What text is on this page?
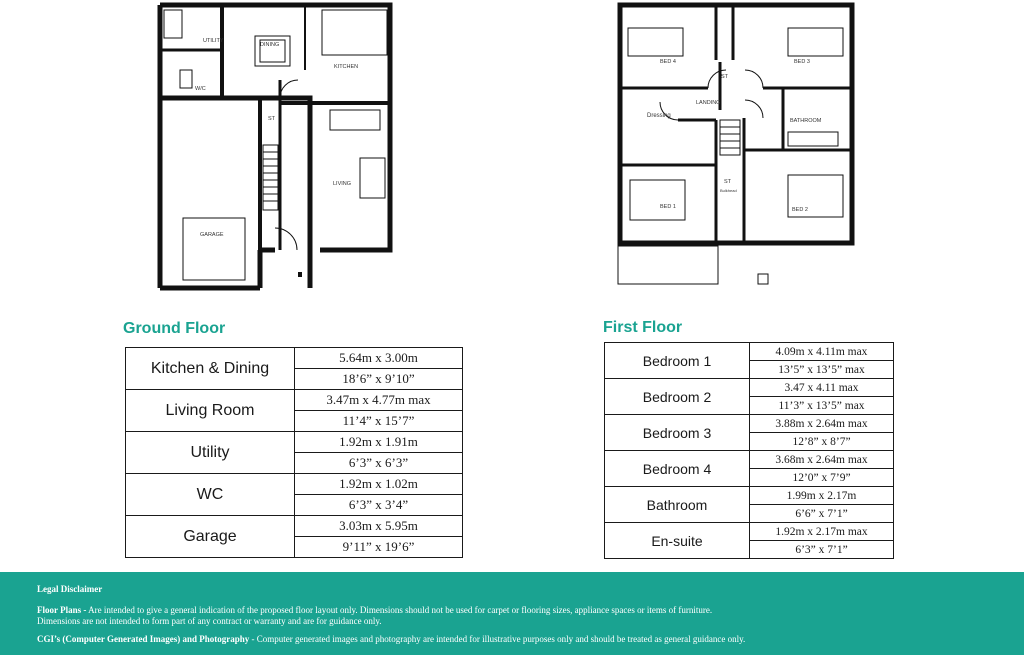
UTILITY
DINING
KITCHEN
W/C
ST
LIVING
GARAGE
BED 4	BED 3
ST
LANDING
Dressing
BATHROOM
ST
Bulkhead
BED 1	BED 2
Ground Floor
Kitchen & Dining	5.64m x 3.00m
	18’6” x 9’10”
Living Room	3.47m x 4.77m max
	11’4” x 15’7”
Utility	1.92m x 1.91m
	6’3” x 6’3”
WC	1.92m x 1.02m
	6’3” x 3’4”
Garage	3.03m x 5.95m
	9’11” x 19’6”
First Floor
Bedroom 1	4.09m x 4.11m max
	13’5” x 13’5” max
Bedroom 2	3.47 x 4.11 max
	11’3” x 13’5” max
Bedroom 3	3.88m x 2.64m max
	12’8” x 8’7”
Bedroom 4	3.68m x 2.64m max
	12’0” x 7’9”
Bathroom	1.99m x 2.17m
	6’6” x 7’1”
En-suite	1.92m x 2.17m max
	6’3” x 7’1”
Legal Disclaimer
Floor Plans - Are intended to give a general indication of the proposed floor layout only. Dimensions should not be used for carpet or flooring sizes, appliance spaces or items of furniture.
Dimensions are not intended to form part of any contract or warranty and are for guidance only.
CGI’s (Computer Generated Images) and Photography - Computer generated images and photography are intended for illustrative purposes only and should be treated as general guidance only.
